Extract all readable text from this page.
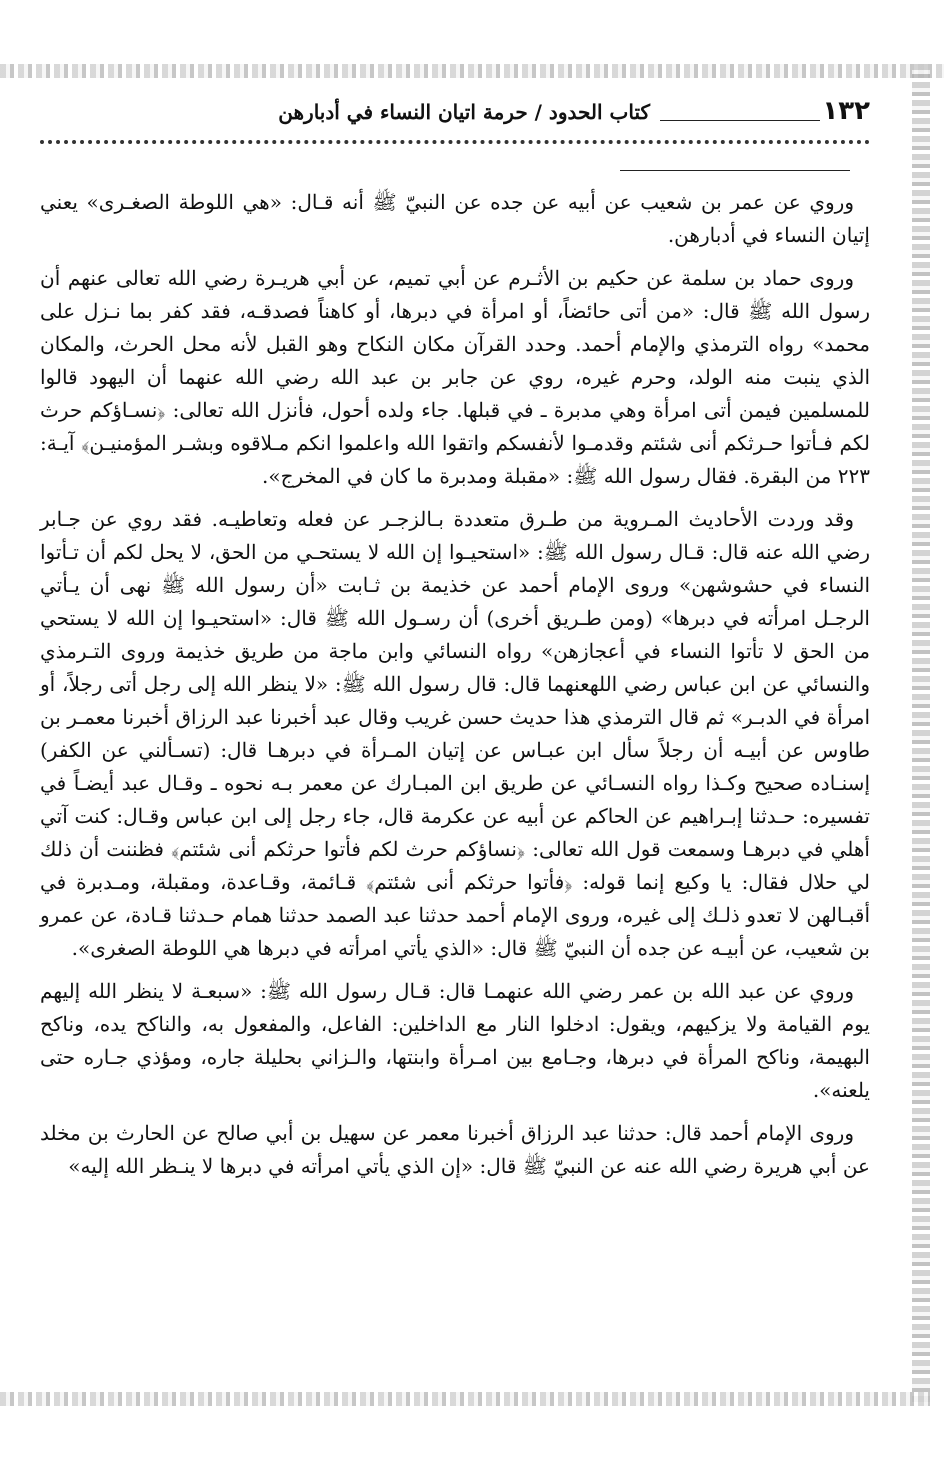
١٣٢
كتاب الحدود / حرمة اتيان النساء في أدبارهن

وروي عن عمر بن شعيب عن أبيه عن جده عن النبيّ ﷺ أنه قـال: «هي اللوطة الصغـرى» يعني إتيان النساء في أدبارهن.

وروى حماد بن سلمة عن حكيم بن الأثـرم عن أبي تميم، عن أبي هريـرة رضي الله تعالى عنهم أن رسول الله ﷺ قال: «من أتى حائضاً، أو امرأة في دبرها، أو كاهناً فصدقـه، فقد كفر بما نـزل على محمد» رواه الترمذي والإمام أحمد. وحدد القرآن مكان النكاح وهو القبل لأنه محل الحرث، والمكان الذي ينبت منه الولد، وحرم غيره، روي عن جابر بن عبد الله رضي الله عنهما أن اليهود قالوا للمسلمين فيمن أتى امرأة وهي مدبرة ـ في قبلها. جاء ولده أحول، فأنزل الله تعالى: ﴿نسـاؤكم حرث لكم فـأتوا حـرثكم أنى شئتم وقدمـوا لأنفسكم واتقوا الله واعلموا انكم مـلاقوه وبشـر المؤمنيـن﴾ آيـة: ٢٢٣ من البقرة. فقال رسول الله ﷺ: «مقبلة ومدبرة ما كان في المخرج».

وقد وردت الأحاديث المـروية من طـرق متعددة بـالزجـر عن فعله وتعاطيـه. فقد روي عن جـابر رضي الله عنه قال: قـال رسول الله ﷺ: «استحيـوا إن الله لا يستحـي من الحق، لا يحل لكم أن تـأتوا النساء في حشوشهن» وروى الإمام أحمد عن خذيمة بن ثـابت «أن رسول الله ﷺ نهى أن يـأتي الرجـل امرأته في دبرها» (ومن طـريق أخرى) أن رسـول الله ﷺ قال: «استحيـوا إن الله لا يستحي من الحق لا تأتوا النساء في أعجازهن» رواه النسائي وابن ماجة من طريق خذيمة وروى التـرمذي والنسائي عن ابن عباس رضي اللهعنهما قال: قال رسول الله ﷺ: «لا ينظر الله إلى رجل أتى رجلاً، أو امرأة في الدبـر» ثم قال الترمذي هذا حديث حسن غريب وقال عبد أخبرنا عبد الرزاق أخبرنا معمـر بن طاوس عن أبيـه أن رجلاً سأل ابن عبـاس عن إتيان المـرأة في دبرهـا قال: (تسـألني عن الكفر) إسنـاده صحيح وكـذا رواه النسـائي عن طريق ابن المبـارك عن معمر بـه نحوه ـ وقـال عبد أيضـاً في تفسيره: حـدثنا إبـراهيم عن الحاكم عن أبيه عن عكرمة قال، جاء رجل إلى ابن عباس وقـال: كنت آتي أهلي في دبرهـا وسمعت قول الله تعالى: ﴿نساؤكم حرث لكم فأتوا حرثكم أنى شئتم﴾ فظننت أن ذلك لي حلال فقال: يا وكيع إنما قوله: ﴿فأتوا حرثكم أنى شئتم﴾ قـائمة، وقـاعدة، ومقبلة، ومـدبرة في أقبـالهن لا تعدو ذلـك إلى غيره، وروى الإمام أحمد حدثنا عبد الصمد حدثنا همام حـدثنا قـادة، عن عمرو بن شعيب، عن أبيـه عن جده أن النبيّ ﷺ قال: «الذي يأتي امرأته في دبرها هي اللوطة الصغرى».

وروي عن عبد الله بن عمر رضي الله عنهمـا قال: قـال رسول الله ﷺ: «سبعـة لا ينظر الله إليهم يوم القيامة ولا يزكيهم، ويقول: ادخلوا النار مع الداخلين: الفاعل، والمفعول به، والناكح يده، وناكح البهيمة، وناكح المرأة في دبرها، وجـامع بين امـرأة وابنتها، والـزاني بحليلة جاره، ومؤذي جـاره حتى يلعنه».

وروى الإمام أحمد قال: حدثنا عبد الرزاق أخبرنا معمر عن سهيل بن أبي صالح عن الحارث بن مخلد عن أبي هريرة رضي الله عنه عن النبيّ ﷺ قال: «إن الذي يأتي امرأته في دبرها لا ينـظر الله إليه»
